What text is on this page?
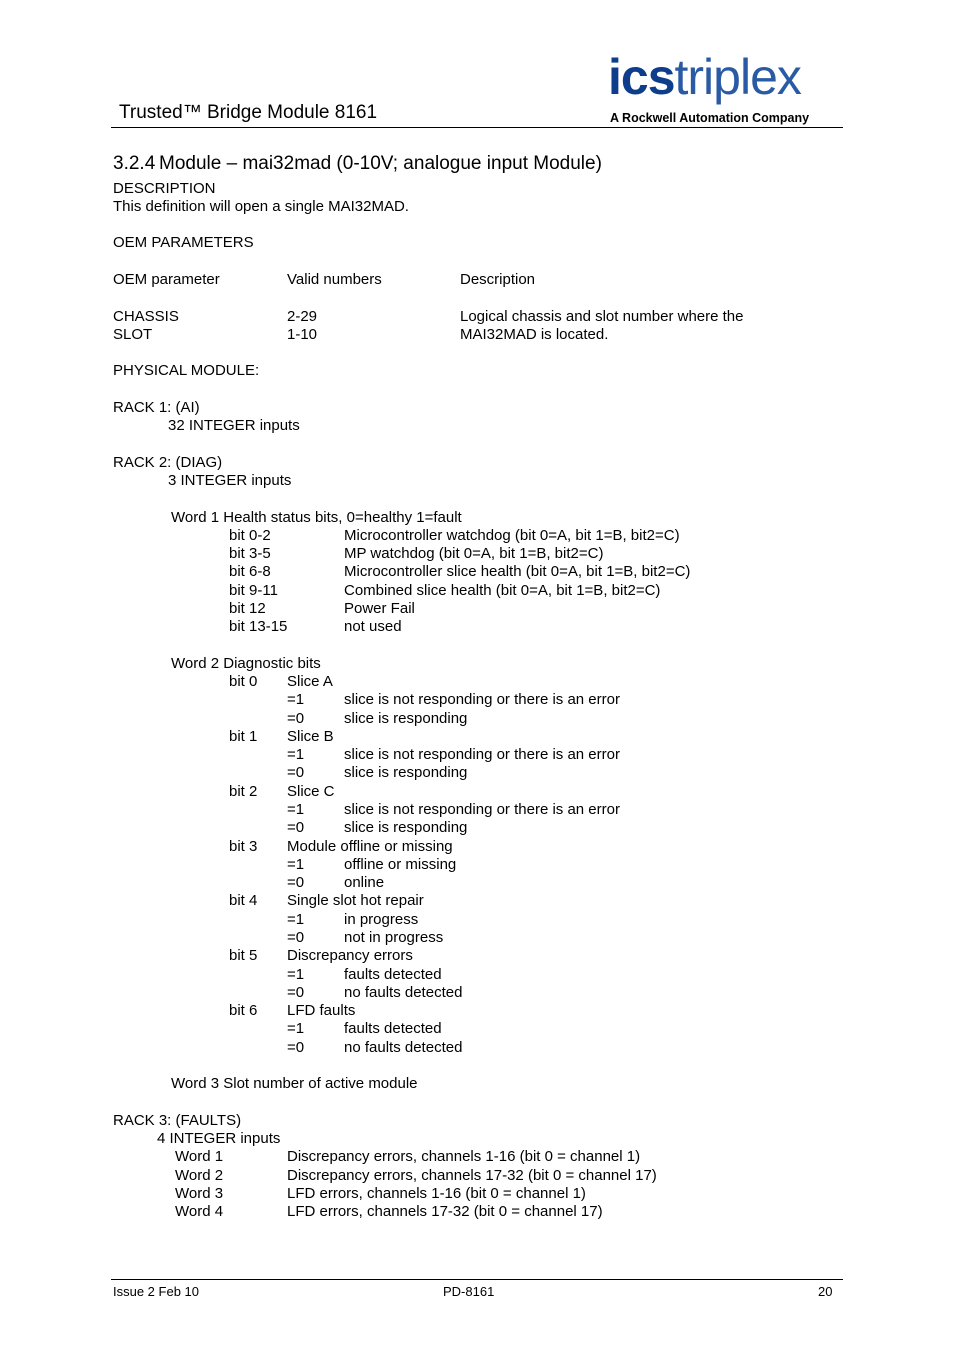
Trusted™ Bridge Module 8161
icstriplex
A Rockwell Automation Company
3.2.4 Module – mai32mad (0-10V; analogue input Module)
DESCRIPTION
This definition will open a single MAI32MAD.
OEM PARAMETERS
OEM parameter	Valid numbers	Description
CHASSIS	2-29	Logical chassis and slot number where the
SLOT	1-10	MAI32MAD is located.
PHYSICAL MODULE:
RACK 1: (AI)
32 INTEGER inputs
RACK 2: (DIAG)
3 INTEGER inputs
Word 1 Health status bits, 0=healthy 1=fault
bit 0-2	Microcontroller watchdog (bit 0=A, bit 1=B, bit2=C)
bit 3-5	MP watchdog (bit 0=A, bit 1=B, bit2=C)
bit 6-8	Microcontroller slice health (bit 0=A, bit 1=B, bit2=C)
bit 9-11	Combined slice health (bit 0=A, bit 1=B, bit2=C)
bit 12	Power Fail
bit 13-15	not used
Word 2 Diagnostic bits
bit 0 Slice A
=1	slice is not responding or there is an error
=0	slice is responding
bit 1 Slice B
=1	slice is not responding or there is an error
=0	slice is responding
bit 2 Slice C
=1	slice is not responding or there is an error
=0	slice is responding
bit 3 Module offline or missing
=1	offline or missing
=0	online
bit 4 Single slot hot repair
=1	in progress
=0	not in progress
bit 5 Discrepancy errors
=1	faults detected
=0	no faults detected
bit 6 LFD faults
=1	faults detected
=0	no faults detected
Word 3 Slot number of active module
RACK 3: (FAULTS)
4 INTEGER inputs
Word 1	Discrepancy errors, channels 1-16 (bit 0 = channel 1)
Word 2	Discrepancy errors, channels 17-32 (bit 0 = channel 17)
Word 3	LFD errors, channels 1-16 (bit 0 = channel 1)
Word 4	LFD errors, channels 17-32 (bit 0 = channel 17)
Issue 2 Feb 10	PD-8161	20
